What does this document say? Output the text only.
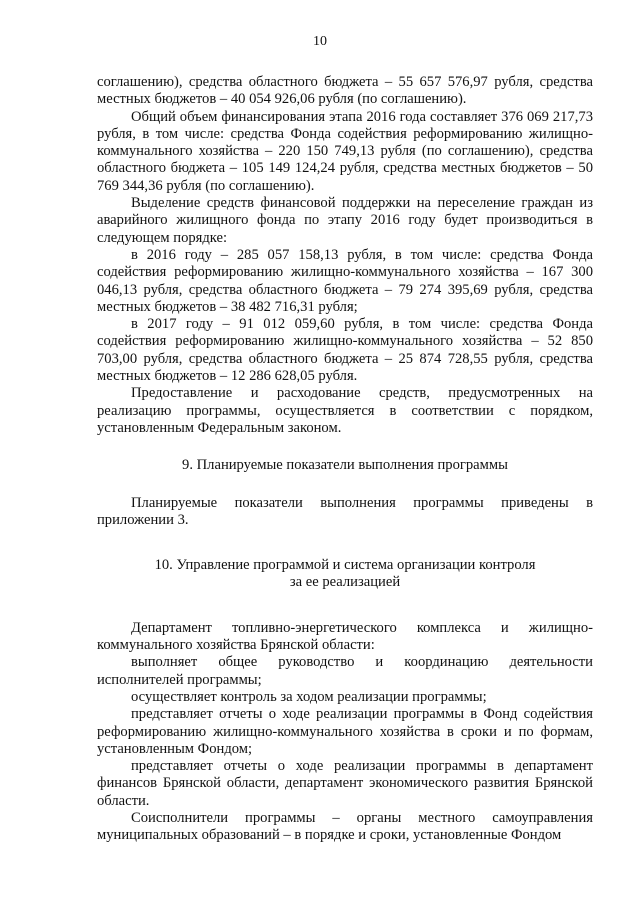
10

соглашению), средства областного бюджета – 55 657 576,97 рубля, средства местных бюджетов – 40 054 926,06 рубля (по соглашению).

Общий объем финансирования этапа 2016 года составляет 376 069 217,73 рубля, в том числе: средства Фонда содействия реформированию жилищно-коммунального хозяйства – 220 150 749,13 рубля (по соглашению), средства областного бюджета – 105 149 124,24 рубля, средства местных бюджетов – 50 769 344,36 рубля (по соглашению).

Выделение средств финансовой поддержки на переселение граждан из аварийного жилищного фонда по этапу 2016 году будет производиться в следующем порядке:

в 2016 году – 285 057 158,13 рубля, в том числе: средства Фонда содействия реформированию жилищно-коммунального хозяйства – 167 300 046,13 рубля, средства областного бюджета – 79 274 395,69 рубля, средства местных бюджетов – 38 482 716,31 рубля;

в 2017 году – 91 012 059,60 рубля, в том числе: средства Фонда содействия реформированию жилищно-коммунального хозяйства – 52 850 703,00 рубля, средства областного бюджета – 25 874 728,55 рубля, средства местных бюджетов – 12 286 628,05 рубля.

Предоставление и расходование средств, предусмотренных на реализацию программы, осуществляется в соответствии с порядком, установленным Федеральным законом.

9. Планируемые показатели выполнения программы

Планируемые показатели выполнения программы приведены в приложении 3.

10. Управление программой и система организации контроля

за ее реализацией

Департамент топливно-энергетического комплекса и жилищно-коммунального хозяйства Брянской области:

выполняет общее руководство и координацию деятельности исполнителей программы;

осуществляет контроль за ходом реализации программы;

представляет отчеты о ходе реализации программы в Фонд содействия реформированию жилищно-коммунального хозяйства в сроки и по формам, установленным Фондом;

представляет отчеты о ходе реализации программы в департамент финансов Брянской области, департамент экономического развития Брянской области.

Соисполнители программы – органы местного самоуправления муниципальных образований – в порядке и сроки, установленные Фондом
